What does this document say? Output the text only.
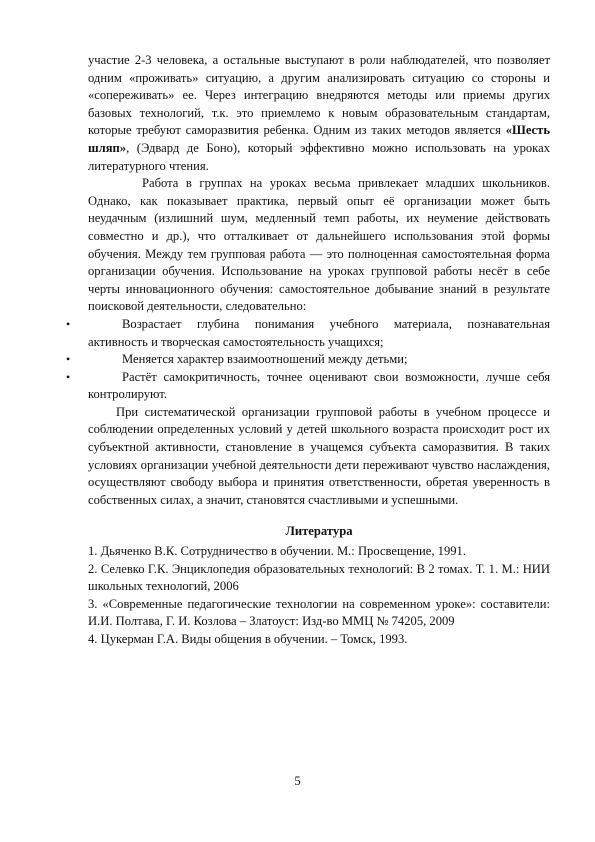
участие 2-3 человека, а остальные выступают в роли наблюдателей, что позволяет одним «проживать» ситуацию, а другим анализировать ситуацию со стороны и «сопереживать» ее. Через интеграцию внедряются методы или приемы других базовых технологий, т.к. это приемлемо к новым образовательным стандартам, которые требуют саморазвития ребенка. Одним из таких методов является «Шесть шляп», (Эдвард де Боно), который эффективно можно использовать на уроках литературного чтения.

Работа в группах на уроках весьма привлекает младших школьников. Однако, как показывает практика, первый опыт её организации может быть неудачным (излишний шум, медленный темп работы, их неумение действовать совместно и др.), что отталкивает от дальнейшего использования этой формы обучения. Между тем групповая работа — это полноценная самостоятельная форма организации обучения. Использование на уроках групповой работы несёт в себе черты инновационного обучения: самостоятельное добывание знаний в результате поисковой деятельности, следовательно:

•	Возрастает глубина понимания учебного материала, познавательная активность и творческая самостоятельность учащихся;
•	Меняется характер взаимоотношений между детьми;
•	Растёт самокритичность, точнее оценивают свои возможности, лучше себя контролируют.

При систематической организации групповой работы в учебном процессе и соблюдении определенных условий у детей школьного возраста происходит рост их субъектной активности, становление в учащемся субъекта саморазвития. В таких условиях организации учебной деятельности дети переживают чувство наслаждения, осуществляют свободу выбора и принятия ответственности, обретая уверенность в собственных силах, а значит, становятся счастливыми и успешными.

Литература

1. Дьяченко В.К. Сотрудничество в обучении. М.: Просвещение, 1991.

2. Селевко Г.К. Энциклопедия образовательных технологий: В 2 томах. Т. 1. М.: НИИ школьных технологий, 2006

3. «Современные педагогические технологии на современном уроке»: составители: И.И. Полтава, Г. И. Козлова – Златоуст: Изд-во ММЦ № 74205, 2009

4. Цукерман Г.А. Виды общения в обучении. – Томск, 1993.

5
